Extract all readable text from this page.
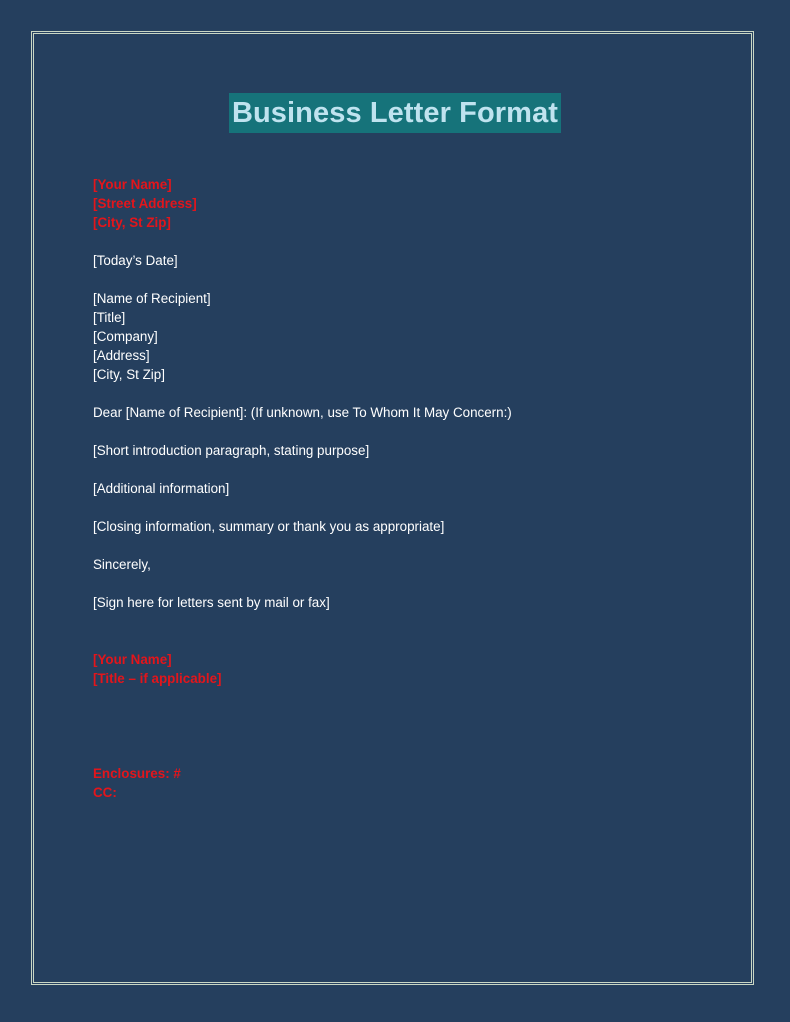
Business Letter Format
[Your Name]
[Street Address]
[City, St Zip]
[Today’s Date]
[Name of Recipient]
[Title]
[Company]
[Address]
[City, St Zip]
Dear [Name of Recipient]: (If unknown, use To Whom It May Concern:)
[Short introduction paragraph, stating purpose]
[Additional information]
[Closing information, summary or thank you as appropriate]
Sincerely,
[Sign here for letters sent by mail or fax]
[Your Name]
[Title – if applicable]
Enclosures: #
CC:
